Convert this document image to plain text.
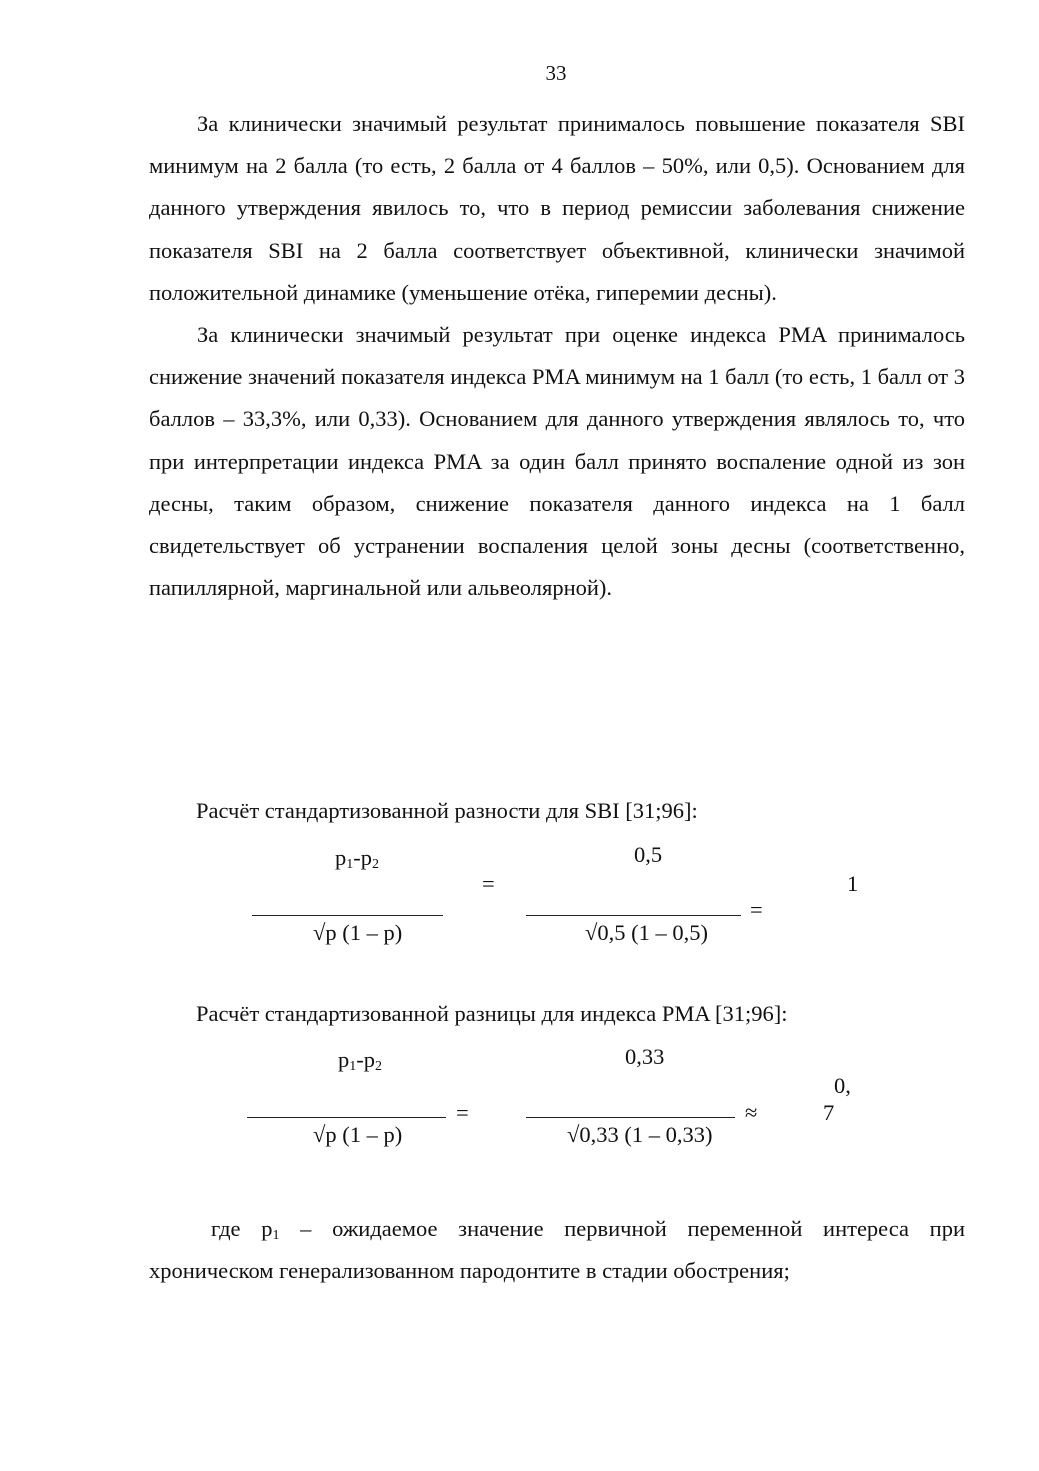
33

За клинически значимый результат принималось повышение показателя SBI минимум на 2 балла (то есть, 2 балла от 4 баллов – 50%, или 0,5). Основанием для данного утверждения явилось то, что в период ремиссии заболевания снижение показателя SBI на 2 балла соответствует объективной, клинически значимой положительной динамике (уменьшение отёка, гиперемии десны).

За клинически значимый результат при оценке индекса PMA принималось снижение значений показателя индекса PMA минимум на 1 балл (то есть, 1 балл от 3 баллов – 33,3%, или 0,33). Основанием для данного утверждения являлось то, что при интерпретации индекса PMA за один балл принято воспаление одной из зон десны, таким образом, снижение показателя данного индекса на 1 балл свидетельствует об устранении воспаления целой зоны десны (соответственно, папиллярной, маргинальной или альвеолярной).

Расчёт стандартизованной разности для SBI [31;96]:
$p_1-p_2$
=
0,5
1
=
√p (1 – p)	√0,5 (1 – 0,5)
Расчёт стандартизованной разницы для индекса PMA [31;96]:
$p_1-p_2$	0,33
0,
=	≈	7
√p (1 – p)	√0,33 (1 – 0,33)

где $p_1$ – ожидаемое значение первичной переменной интереса при хроническом генерализованном пародонтите в стадии обострения;
